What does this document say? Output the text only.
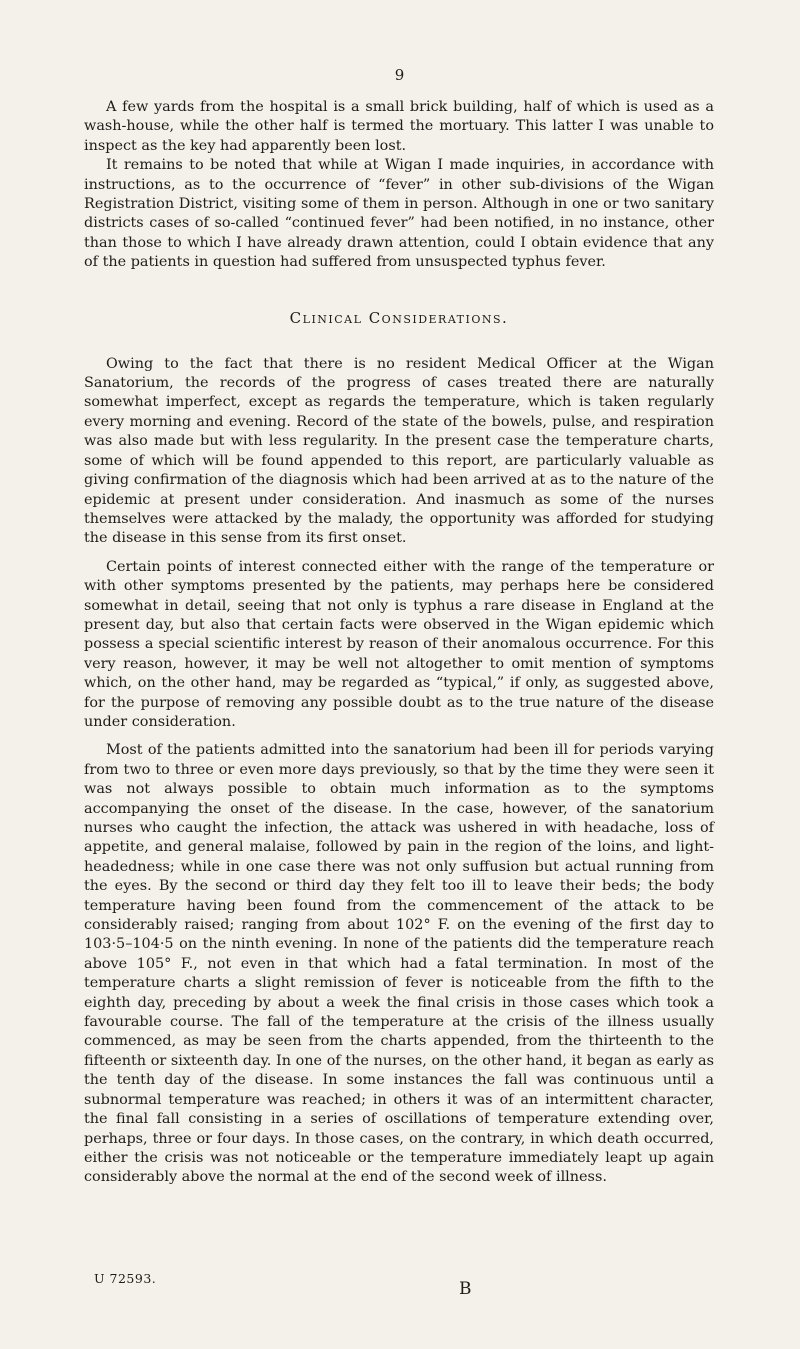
9

A few yards from the hospital is a small brick building, half of which is used as a wash-house, while the other half is termed the mortuary. This latter I was unable to inspect as the key had apparently been lost.

It remains to be noted that while at Wigan I made inquiries, in accordance with instructions, as to the occurrence of “fever” in other sub-divisions of the Wigan Registration District, visiting some of them in person. Although in one or two sanitary districts cases of so-called “continued fever” had been notified, in no instance, other than those to which I have already drawn attention, could I obtain evidence that any of the patients in question had suffered from unsuspected typhus fever.

Clinical Considerations.

Owing to the fact that there is no resident Medical Officer at the Wigan Sanatorium, the records of the progress of cases treated there are naturally somewhat imperfect, except as regards the temperature, which is taken regularly every morning and evening. Record of the state of the bowels, pulse, and respiration was also made but with less regularity. In the present case the temperature charts, some of which will be found appended to this report, are particularly valuable as giving confirmation of the diagnosis which had been arrived at as to the nature of the epidemic at present under consideration. And inasmuch as some of the nurses themselves were attacked by the malady, the opportunity was afforded for studying the disease in this sense from its first onset.

Certain points of interest connected either with the range of the temperature or with other symptoms presented by the patients, may perhaps here be considered somewhat in detail, seeing that not only is typhus a rare disease in England at the present day, but also that certain facts were observed in the Wigan epidemic which possess a special scientific interest by reason of their anomalous occurrence. For this very reason, however, it may be well not altogether to omit mention of symptoms which, on the other hand, may be regarded as “typical,” if only, as suggested above, for the purpose of removing any possible doubt as to the true nature of the disease under consideration.

Most of the patients admitted into the sanatorium had been ill for periods varying from two to three or even more days previously, so that by the time they were seen it was not always possible to obtain much information as to the symptoms accompanying the onset of the disease. In the case, however, of the sanatorium nurses who caught the infection, the attack was ushered in with headache, loss of appetite, and general malaise, followed by pain in the region of the loins, and light-headedness; while in one case there was not only suffusion but actual running from the eyes. By the second or third day they felt too ill to leave their beds; the body temperature having been found from the commencement of the attack to be considerably raised; ranging from about 102° F. on the evening of the first day to 103·5–104·5 on the ninth evening. In none of the patients did the temperature reach above 105° F., not even in that which had a fatal termination. In most of the temperature charts a slight remission of fever is noticeable from the fifth to the eighth day, preceding by about a week the final crisis in those cases which took a favourable course. The fall of the temperature at the crisis of the illness usually commenced, as may be seen from the charts appended, from the thirteenth to the fifteenth or sixteenth day. In one of the nurses, on the other hand, it began as early as the tenth day of the disease. In some instances the fall was continuous until a subnormal temperature was reached; in others it was of an intermittent character, the final fall consisting in a series of oscillations of temperature extending over, perhaps, three or four days. In those cases, on the contrary, in which death occurred, either the crisis was not noticeable or the temperature immediately leapt up again considerably above the normal at the end of the second week of illness.

U 72593.
B
